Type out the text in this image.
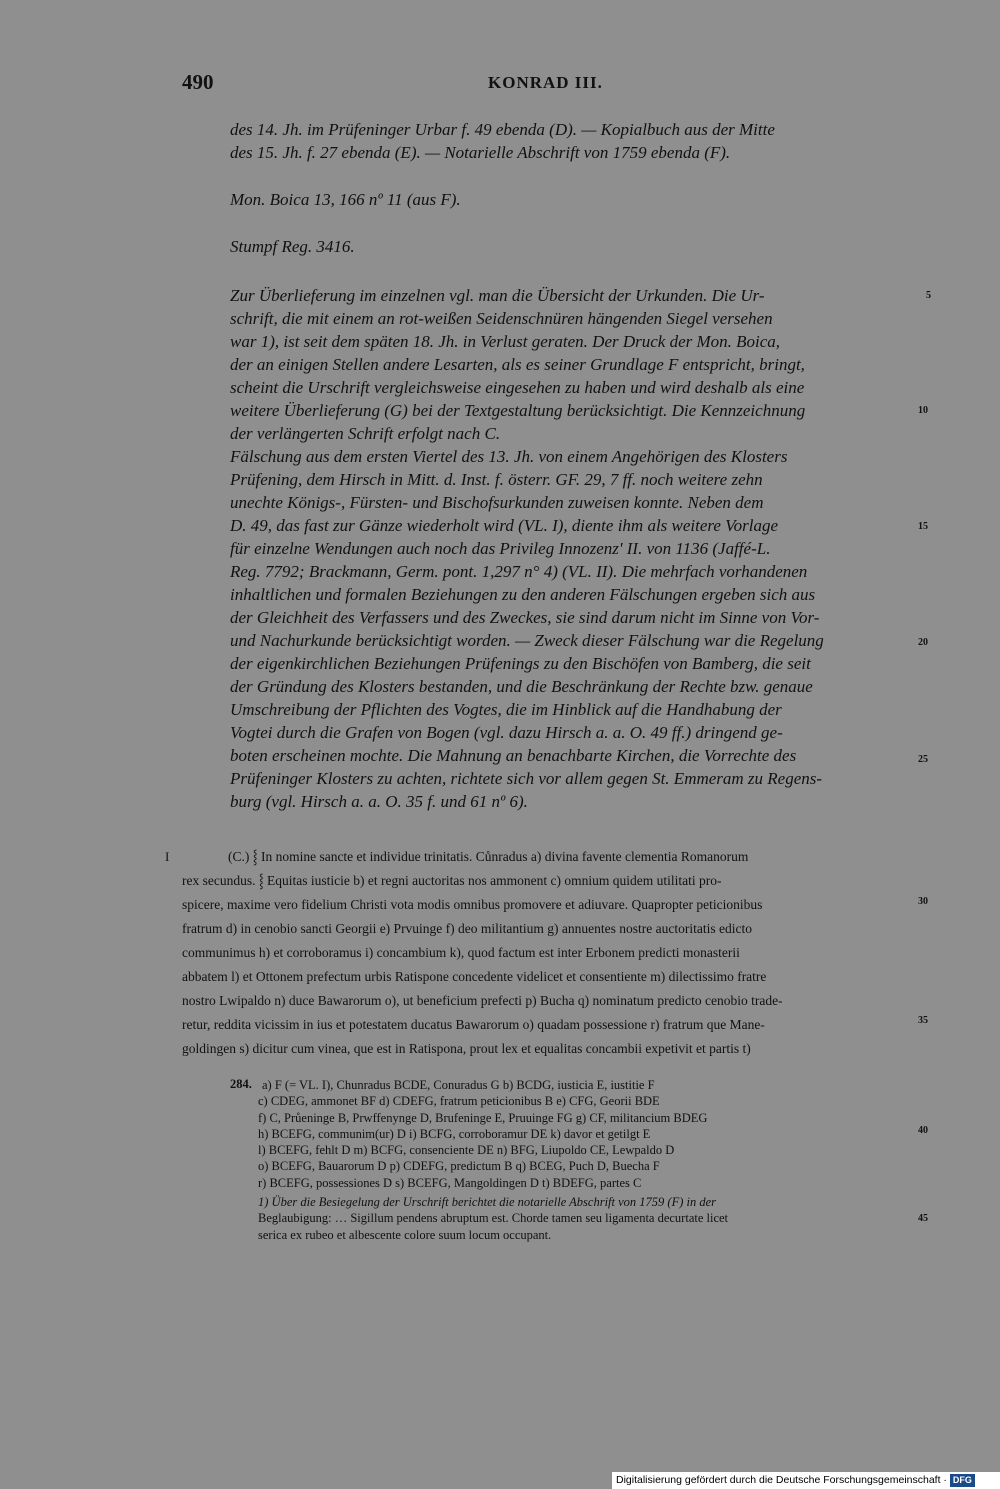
490	KONRAD III.

des 14. Jh. im Prüfeninger Urbar f. 49 ebenda (D). — Kopialbuch aus der Mitte

des 15. Jh. f. 27 ebenda (E). — Notarielle Abschrift von 1759 ebenda (F).

Mon. Boica 13, 166 nº 11 (aus F).
Stumpf Reg. 3416.

Zur Überlieferung im einzelnen vgl. man die Übersicht der Urkunden. Die Ur-

schrift, die mit einem an rot-weißen Seidenschnüren hängenden Siegel versehen

war 1), ist seit dem späten 18. Jh. in Verlust geraten. Der Druck der Mon. Boica,

der an einigen Stellen andere Lesarten, als es seiner Grundlage F entspricht, bringt,

scheint die Urschrift vergleichsweise eingesehen zu haben und wird deshalb als eine

weitere Überlieferung (G) bei der Textgestaltung berücksichtigt. Die Kennzeichnung

der verlängerten Schrift erfolgt nach C.

Fälschung aus dem ersten Viertel des 13. Jh. von einem Angehörigen des Klosters

Prüfening, dem Hirsch in Mitt. d. Inst. f. österr. GF. 29, 7 ff. noch weitere zehn

unechte Königs-, Fürsten- und Bischofsurkunden zuweisen konnte. Neben dem

D. 49, das fast zur Gänze wiederholt wird (VL. I), diente ihm als weitere Vorlage

für einzelne Wendungen auch noch das Privileg Innozenz' II. von 1136 (Jaffé-L.

Reg. 7792; Brackmann, Germ. pont. 1,297 n° 4) (VL. II). Die mehrfach vorhandenen

inhaltlichen und formalen Beziehungen zu den anderen Fälschungen ergeben sich aus

der Gleichheit des Verfassers und des Zweckes, sie sind darum nicht im Sinne von Vor-

und Nachurkunde berücksichtigt worden. — Zweck dieser Fälschung war die Regelung

der eigenkirchlichen Beziehungen Prüfenings zu den Bischöfen von Bamberg, die seit

der Gründung des Klosters bestanden, und die Beschränkung der Rechte bzw. genaue

Umschreibung der Pflichten des Vogtes, die im Hinblick auf die Handhabung der

Vogtei durch die Grafen von Bogen (vgl. dazu Hirsch a. a. O. 49 ff.) dringend ge-

boten erscheinen mochte. Die Mahnung an benachbarte Kirchen, die Vorrechte des

Prüfeninger Klosters zu achten, richtete sich vor allem gegen St. Emmeram zu Regens-

burg (vgl. Hirsch a. a. O. 35 f. und 61 nº 6).

5
10
15
20
25
30
35
40
45
I	(C.) ⸾ In nomine sancte et individue trinitatis. Cůnradus a) divina favente clementia Romanorum

rex secundus. ⸾ Equitas iusticie b) et regni auctoritas nos ammonent c) omnium quidem utilitati pro-

spicere, maxime vero fidelium Christi vota modis omnibus promovere et adiuvare. Quapropter peticionibus

fratrum d) in cenobio sancti Georgii e) Prvuinge f) deo militantium g) annuentes nostre auctoritatis edicto

communimus h) et corroboramus i) concambium k), quod factum est inter Erbonem predicti monasterii

abbatem l) et Ottonem prefectum urbis Ratispone concedente videlicet et consentiente m) dilectissimo fratre

nostro Lwipaldo n) duce Bawarorum o), ut beneficium prefecti p) Bucha q) nominatum predicto cenobio trade-

retur, reddita vicissim in ius et potestatem ducatus Bawarorum o) quadam possessione r) fratrum que Mane-

goldingen s) dicitur cum vinea, que est in Ratispona, prout lex et equalitas concambii expetivit et partis t)

284. a) F (= VL. I), Chunradus BCDE, Conuradus G b) BCDG, iusticia E, iustitie F

c) CDEG, ammonet BF d) CDEFG, fratrum peticionibus B e) CFG, Georii BDE

f) C, Průeninge B, Prwffenynge D, Brufeninge E, Pruuinge FG g) CF, militancium BDEG

h) BCEFG, communim(ur) D i) BCFG, corroboramur DE k) davor et getilgt E

l) BCEFG, fehlt D m) BCFG, consenciente DE n) BFG, Liupoldo CE, Lewpaldo D

o) BCEFG, Bauarorum D p) CDEFG, predictum B q) BCEG, Puch D, Buecha F

r) BCEFG, possessiones D s) BCEFG, Mangoldingen D t) BDEFG, partes C

1) Über die Besiegelung der Urschrift berichtet die notarielle Abschrift von 1759 (F) in der

Beglaubigung: … Sigillum pendens abruptum est. Chorde tamen seu ligamenta decurtate licet

serica ex rubeo et albescente colore suum locum occupant.

Digitalisierung gefördert durch die Deutsche Forschungsgemeinschaft · DFG
